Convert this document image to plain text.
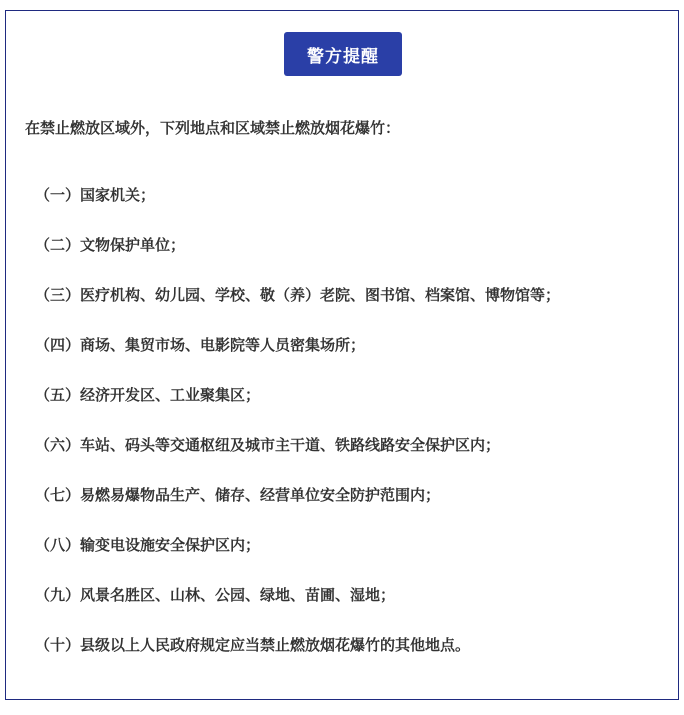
警方提醒
在禁止燃放区域外，下列地点和区域禁止燃放烟花爆竹：
（一）国家机关；
（二）文物保护单位；
（三）医疗机构、幼儿园、学校、敬（养）老院、图书馆、档案馆、博物馆等；
（四）商场、集贸市场、电影院等人员密集场所；
（五）经济开发区、工业聚集区；
（六）车站、码头等交通枢纽及城市主干道、铁路线路安全保护区内；
（七）易燃易爆物品生产、储存、经营单位安全防护范围内；
（八）输变电设施安全保护区内；
（九）风景名胜区、山林、公园、绿地、苗圃、湿地；
（十）县级以上人民政府规定应当禁止燃放烟花爆竹的其他地点。
